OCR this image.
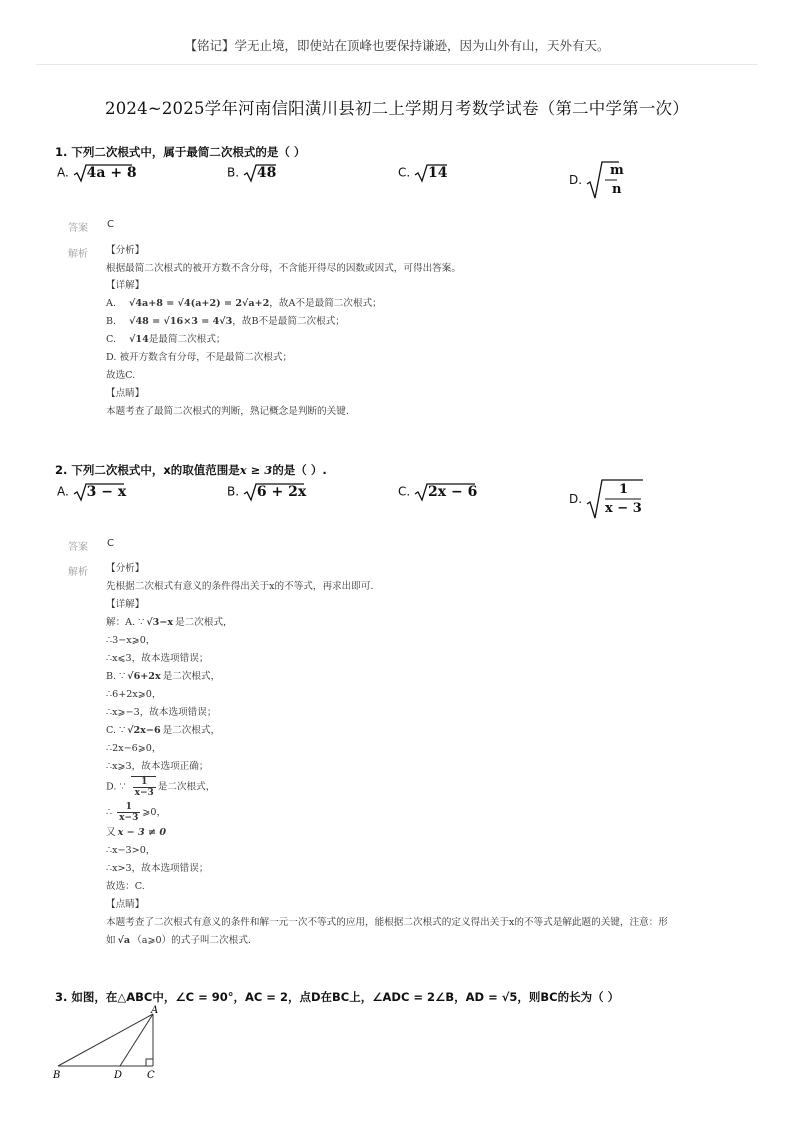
【铭记】学无止境，即使站在顶峰也要保持谦逊，因为山外有山，天外有天。
2024~2025学年河南信阳潢川县初二上学期月考数学试卷（第二中学第一次）
1. 下列二次根式中，属于最简二次根式的是（ ）
A. 4a + 8	B. 48	C. 14	D.
m
n
答案 C
解析 【分析】
根据最简二次根式的被开方数不含分母，不含能开得尽的因数或因式，可得出答案。
【详解】
A. √4a+8 = √4(a+2) = 2√a+2，故A不是最简二次根式；
B. √48 = √16×3 = 4√3，故B不是最简二次根式；
C. √14是最简二次根式；
D. 被开方数含有分母，不是最简二次根式；
故选C.
【点睛】
本题考查了最简二次根式的判断，熟记概念是判断的关键.
2. 下列二次根式中，x的取值范围是x ≥ 3的是（ ）.
A. 3 − x	B. 6 + 2x	C. 2x − 6	D.
1
x − 3
答案 C
解析 【分析】
先根据二次根式有意义的条件得出关于x的不等式，再求出即可.
【详解】
解：A. ∵ √3−x 是二次根式，
∴3−x⩾0，
∴x⩽3，故本选项错误；
B. ∵ √6+2x 是二次根式，
∴6+2x⩾0，
∴x⩾−3，故本选项错误；
C. ∵ √2x−6 是二次根式，
∴2x−6⩾0，
∴x⩾3，故本选项正确；
D. ∵ $\frac{1}{x-3}$ 是二次根式，
∴ $\frac{1}{x-3}$ ⩾0，
又 x − 3 ≠ 0
∴x−3>0，
∴x>3，故本选项错误；
故选：C.
【点睛】
本题考查了二次根式有意义的条件和解一元一次不等式的应用，能根据二次根式的定义得出关于x的不等式是解此题的关键，注意：形
如 √a （a⩾0）的式子叫二次根式.
3. 如图，在△ABC中，∠C = 90°，AC = 2，点D在BC上，∠ADC = 2∠B，AD = √5，则BC的长为（ ）
A
B	C
D
